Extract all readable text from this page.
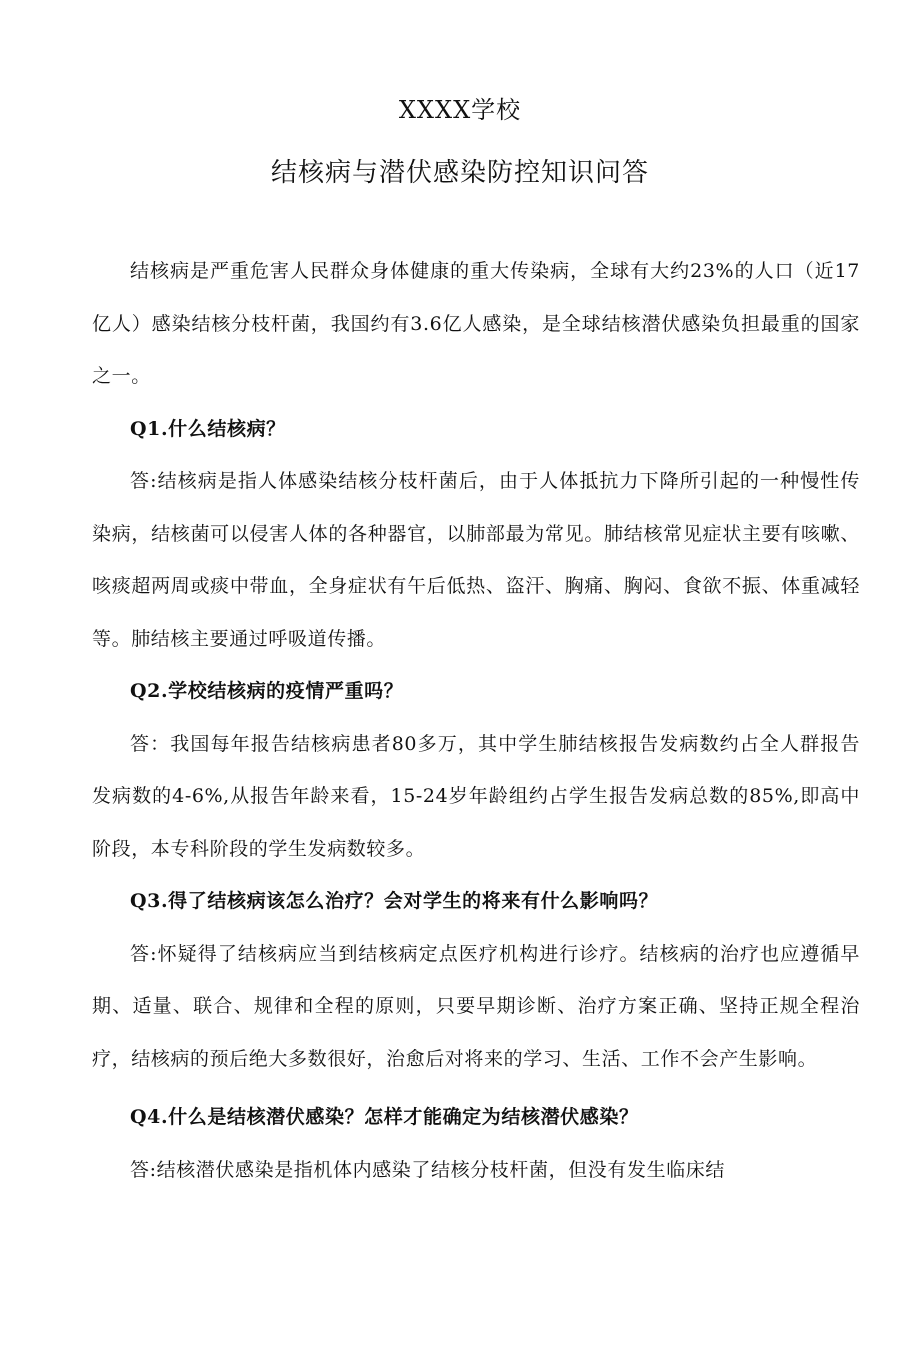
XXXX学校
结核病与潜伏感染防控知识问答

结核病是严重危害人民群众身体健康的重大传染病，全球有大约23%的人口（近17亿人）感染结核分枝杆菌，我国约有3.6亿人感染，是全球结核潜伏感染负担最重的国家之一。

Q1.什么结核病？

答:结核病是指人体感染结核分枝杆菌后，由于人体抵抗力下降所引起的一种慢性传染病，结核菌可以侵害人体的各种器官，以肺部最为常见。肺结核常见症状主要有咳嗽、咳痰超两周或痰中带血，全身症状有午后低热、盗汗、胸痛、胸闷、食欲不振、体重减轻等。肺结核主要通过呼吸道传播。

Q2.学校结核病的疫情严重吗？

答：我国每年报告结核病患者80多万，其中学生肺结核报告发病数约占全人群报告发病数的4-6%,从报告年龄来看，15-24岁年龄组约占学生报告发病总数的85%,即高中阶段，本专科阶段的学生发病数较多。

Q3.得了结核病该怎么治疗？会对学生的将来有什么影响吗？

答:怀疑得了结核病应当到结核病定点医疗机构进行诊疗。结核病的治疗也应遵循早期、适量、联合、规律和全程的原则，只要早期诊断、治疗方案正确、坚持正规全程治疗，结核病的预后绝大多数很好，治愈后对将来的学习、生活、工作不会产生影响。

Q4.什么是结核潜伏感染？怎样才能确定为结核潜伏感染？

答:结核潜伏感染是指机体内感染了结核分枝杆菌，但没有发生临床结
